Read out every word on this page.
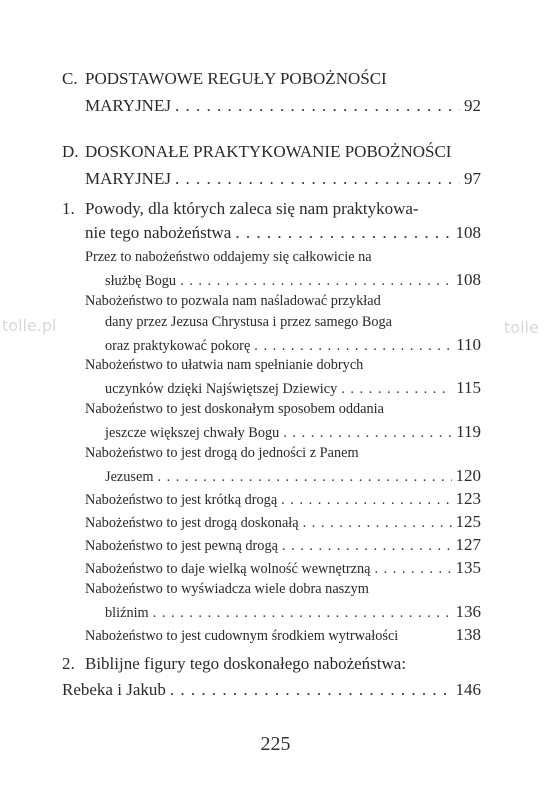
tolle.pl	tolle
C. PODSTAWOWE REGUŁY POBOŻNOŚCI
MARYJNEJ . . .	92
D. DOSKONAŁE PRAKTYKOWANIE POBOŻNOŚCI
MARYJNEJ . . .	97
1. Powody, dla których zaleca się nam praktykowa-
nie tego nabożeństwa . . .	108
Przez to nabożeństwo oddajemy się całkowicie na
służbę Bogu . . .	108
Nabożeństwo to pozwala nam naśladować przykład
dany przez Jezusa Chrystusa i przez samego Boga
oraz praktykować pokorę . . .	110
Nabożeństwo to ułatwia nam spełnianie dobrych
uczynków dzięki Najświętszej Dziewicy . . .	115
Nabożeństwo to jest doskonałym sposobem oddania
jeszcze większej chwały Bogu . . .	119
Nabożeństwo to jest drogą do jedności z Panem
Jezusem . . .	120
Nabożeństwo to jest krótką drogą . . .	123
Nabożeństwo to jest drogą doskonałą . . .	125
Nabożeństwo to jest pewną drogą . . .	127
Nabożeństwo to daje wielką wolność wewnętrzną . . .	135
Nabożeństwo to wyświadcza wiele dobra naszym
bliźnim . . .	136
Nabożeństwo to jest cudownym środkiem wytrwałości	138
2. Biblijne figury tego doskonałego nabożeństwa:
Rebeka i Jakub . . .	146
225
